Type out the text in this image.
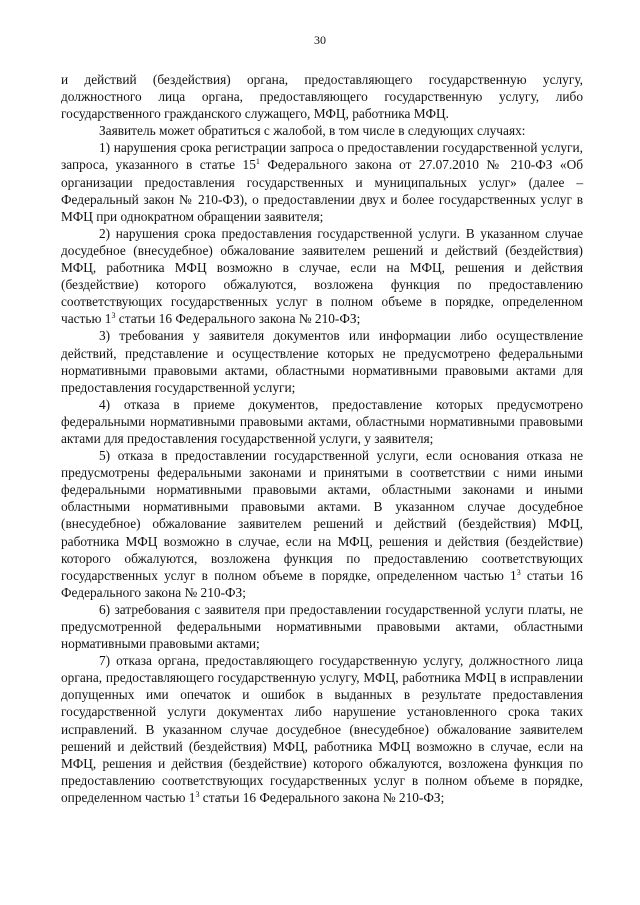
30

и действий (бездействия) органа, предоставляющего государственную услугу, должностного лица органа, предоставляющего государственную услугу, либо государственного гражданского служащего, МФЦ, работника МФЦ.

Заявитель может обратиться с жалобой, в том числе в следующих случаях:

1) нарушения срока регистрации запроса о предоставлении государственной услуги, запроса, указанного в статье $15^1$ Федерального закона от 27.07.2010 № 210-ФЗ «Об организации предоставления государственных и муниципальных услуг» (далее – Федеральный закон № 210-ФЗ), о предоставлении двух и более государственных услуг в МФЦ при однократном обращении заявителя;

2) нарушения срока предоставления государственной услуги. В указанном случае досудебное (внесудебное) обжалование заявителем решений и действий (бездействия) МФЦ, работника МФЦ возможно в случае, если на МФЦ, решения и действия (бездействие) которого обжалуются, возложена функция по предоставлению соответствующих государственных услуг в полном объеме в порядке, определенном частью $1^3$ статьи 16 Федерального закона № 210-ФЗ;

3) требования у заявителя документов или информации либо осуществление действий, представление и осуществление которых не предусмотрено федеральными нормативными правовыми актами, областными нормативными правовыми актами для предоставления государственной услуги;

4) отказа в приеме документов, предоставление которых предусмотрено федеральными нормативными правовыми актами, областными нормативными правовыми актами для предоставления государственной услуги, у заявителя;

5) отказа в предоставлении государственной услуги, если основания отказа не предусмотрены федеральными законами и принятыми в соответствии с ними иными федеральными нормативными правовыми актами, областными законами и иными областными нормативными правовыми актами. В указанном случае досудебное (внесудебное) обжалование заявителем решений и действий (бездействия) МФЦ, работника МФЦ возможно в случае, если на МФЦ, решения и действия (бездействие) которого обжалуются, возложена функция по предоставлению соответствующих государственных услуг в полном объеме в порядке, определенном частью $1^3$ статьи 16 Федерального закона № 210-ФЗ;

6) затребования с заявителя при предоставлении государственной услуги платы, не предусмотренной федеральными нормативными правовыми актами, областными нормативными правовыми актами;

7) отказа органа, предоставляющего государственную услугу, должностного лица органа, предоставляющего государственную услугу, МФЦ, работника МФЦ в исправлении допущенных ими опечаток и ошибок в выданных в результате предоставления государственной услуги документах либо нарушение установленного срока таких исправлений. В указанном случае досудебное (внесудебное) обжалование заявителем решений и действий (бездействия) МФЦ, работника МФЦ возможно в случае, если на МФЦ, решения и действия (бездействие) которого обжалуются, возложена функция по предоставлению соответствующих государственных услуг в полном объеме в порядке, определенном частью $1^3$ статьи 16 Федерального закона № 210-ФЗ;
